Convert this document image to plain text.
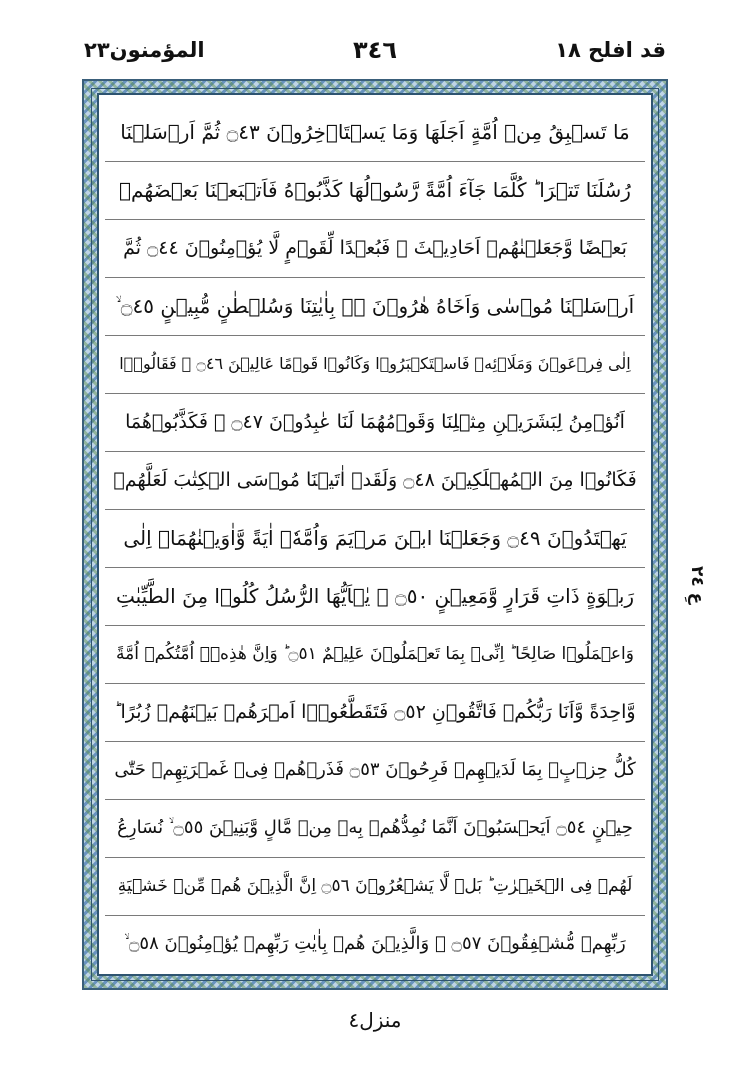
المؤمنون٢٣	٣٤٦	قد افلح ١٨
مَا تَسۡبِقُ مِنۡ اُمَّةٍ اَجَلَهَا وَمَا يَسۡتَاۡخِرُوۡنَ ۝٤٣ ثُمَّ اَرۡسَلۡنَا
رُسُلَنَا تَتۡرَا ؕ كُلَّمَا جَآءَ اُمَّةً رَّسُوۡلُهَا كَذَّبُوۡهُ فَاَتۡبَعۡنَا بَعۡضَهُمۡ
بَعۡضًا وَّجَعَلۡنٰهُمۡ اَحَادِيۡثَ ۚ فَبُعۡدًا لِّقَوۡمٍ لَّا يُؤۡمِنُوۡنَ ۝٤٤ ثُمَّ
اَرۡسَلۡنَا مُوۡسٰى وَاَخَاهُ هٰرُوۡنَ ۙ۬ بِاٰيٰتِنَا وَسُلۡطٰنٍ مُّبِيۡنٍ ۝٤٥ ۙ
اِلٰى فِرۡعَوۡنَ وَمَلَا۟ئِهٖ فَاسۡتَكۡبَرُوۡا وَكَانُوۡا قَوۡمًا عَالِيۡنَ ۝٤٦ ۚ فَقَالُوۡۤا
اَنُؤۡمِنُ لِبَشَرَيۡنِ مِثۡلِنَا وَقَوۡمُهُمَا لَنَا عٰبِدُوۡنَ ۝٤٧ ۚ فَكَذَّبُوۡهُمَا
فَكَانُوۡا مِنَ الۡمُهۡلَكِيۡنَ ۝٤٨ وَلَقَدۡ اٰتَيۡنَا مُوۡسَى الۡكِتٰبَ لَعَلَّهُمۡ
يَهۡتَدُوۡنَ ۝٤٩ وَجَعَلۡنَا ابۡنَ مَرۡيَمَ وَاُمَّهٗۤ اٰيَةً وَّاٰوَيۡنٰهُمَاۤ اِلٰى
رَبۡوَةٍ ذَاتِ قَرَارٍ وَّمَعِيۡنٍ ۝٥٠ ۗ يٰۤاَيُّهَا الرُّسُلُ كُلُوۡا مِنَ الطَّيِّبٰتِ
وَاعۡمَلُوۡا صَالِحًا ؕ اِنِّىۡ بِمَا تَعۡمَلُوۡنَ عَلِيۡمٌ ۝٥١ ؕ وَاِنَّ هٰذِهٖۤ اُمَّتُكُمۡ اُمَّةً
وَّاحِدَةً وَّاَنَا رَبُّكُمۡ فَاتَّقُوۡنِ ۝٥٢ فَتَقَطَّعُوۡۤا اَمۡرَهُمۡ بَيۡنَهُمۡ زُبُرًا ؕ
كُلُّ حِزۡبٍۭ بِمَا لَدَيۡهِمۡ فَرِحُوۡنَ ۝٥٣ فَذَرۡهُمۡ فِىۡ غَمۡرَتِهِمۡ حَتّٰى
حِيۡنٍ ۝٥٤ اَيَحۡسَبُوۡنَ اَنَّمَا نُمِدُّهُمۡ بِهٖ مِنۡ مَّالٍ وَّبَنِيۡنَ ۝٥٥ ۙ نُسَارِعُ
لَهُمۡ فِى الۡخَيۡرٰتِ ؕ بَلۡ لَّا يَشۡعُرُوۡنَ ۝٥٦ اِنَّ الَّذِيۡنَ هُمۡ مِّنۡ خَشۡيَةِ
رَبِّهِمۡ مُّشۡفِقُوۡنَ ۝٥٧ ۙ وَالَّذِيۡنَ هُمۡ بِاٰيٰتِ رَبِّهِمۡ يُؤۡمِنُوۡنَ ۝٥٨ ۙ
عِ ٢٤
منزل٤
